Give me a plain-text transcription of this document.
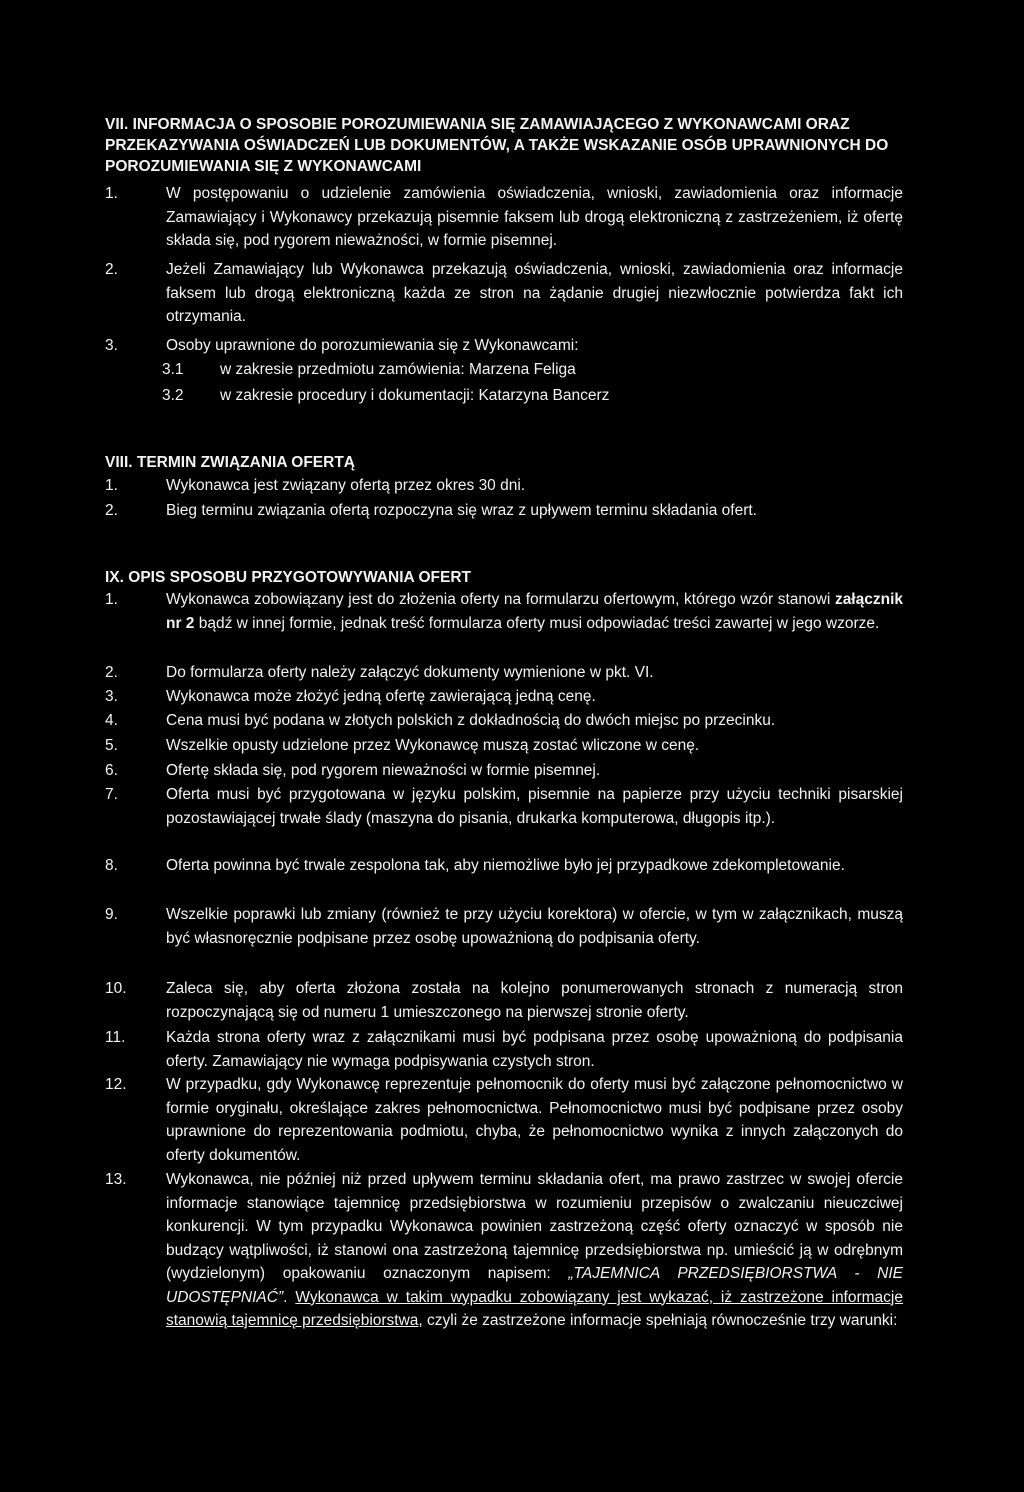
VII. INFORMACJA O SPOSOBIE POROZUMIEWANIA SIĘ ZAMAWIAJĄCEGO Z WYKONAWCAMI ORAZ PRZEKAZYWANIA OŚWIADCZEŃ LUB DOKUMENTÓW, A TAKŻE WSKAZANIE OSÓB UPRAWNIONYCH DO POROZUMIEWANIA SIĘ Z WYKONAWCAMI
1.	W postępowaniu o udzielenie zamówienia oświadczenia, wnioski, zawiadomienia oraz informacje Zamawiający i Wykonawcy przekazują pisemnie faksem lub drogą elektroniczną z zastrzeżeniem, iż ofertę składa się, pod rygorem nieważności, w formie pisemnej.
2.	Jeżeli Zamawiający lub Wykonawca przekazują oświadczenia, wnioski, zawiadomienia oraz informacje faksem lub drogą elektroniczną każda ze stron na żądanie drugiej niezwłocznie potwierdza fakt ich otrzymania.
3.	Osoby uprawnione do porozumiewania się z Wykonawcami:
3.1 w zakresie przedmiotu zamówienia: Marzena Feliga
3.2 w zakresie procedury i dokumentacji: Katarzyna Bancerz
VIII. TERMIN ZWIĄZANIA OFERTĄ
1.	Wykonawca jest związany ofertą przez okres 30 dni.
2.	Bieg terminu związania ofertą rozpoczyna się wraz z upływem terminu składania ofert.
IX. OPIS SPOSOBU PRZYGOTOWYWANIA OFERT
1.	Wykonawca zobowiązany jest do złożenia oferty na formularzu ofertowym, którego wzór stanowi załącznik nr 2 bądź w innej formie, jednak treść formularza oferty musi odpowiadać treści zawartej w jego wzorze.
2.	Do formularza oferty należy załączyć dokumenty wymienione w pkt. VI.
3.	Wykonawca może złożyć jedną ofertę zawierającą jedną cenę.
4.	Cena musi być podana w złotych polskich z dokładnością do dwóch miejsc po przecinku.
5.	Wszelkie opusty udzielone przez Wykonawcę muszą zostać wliczone w cenę.
6.	Ofertę składa się, pod rygorem nieważności w formie pisemnej.
7.	Oferta musi być przygotowana w języku polskim, pisemnie na papierze przy użyciu techniki pisarskiej pozostawiającej trwałe ślady (maszyna do pisania, drukarka komputerowa, długopis itp.).
8.	Oferta powinna być trwale zespolona tak, aby niemożliwe było jej przypadkowe zdekompletowanie.
9.	Wszelkie poprawki lub zmiany (również te przy użyciu korektora) w ofercie, w tym w załącznikach, muszą być własnoręcznie podpisane przez osobę upoważnioną do podpisania oferty.
10.	Zaleca się, aby oferta złożona została na kolejno ponumerowanych stronach z numeracją stron rozpoczynającą się od numeru 1 umieszczonego na pierwszej stronie oferty.
11.	Każda strona oferty wraz z załącznikami musi być podpisana przez osobę upoważnioną do podpisania oferty. Zamawiający nie wymaga podpisywania czystych stron.
12.	W przypadku, gdy Wykonawcę reprezentuje pełnomocnik do oferty musi być załączone pełnomocnictwo w formie oryginału, określające zakres pełnomocnictwa. Pełnomocnictwo musi być podpisane przez osoby uprawnione do reprezentowania podmiotu, chyba, że pełnomocnictwo wynika z innych załączonych do oferty dokumentów.
13.	Wykonawca, nie później niż przed upływem terminu składania ofert, ma prawo zastrzec w swojej ofercie informacje stanowiące tajemnicę przedsiębiorstwa w rozumieniu przepisów o zwalczaniu nieuczciwej konkurencji. W tym przypadku Wykonawca powinien zastrzeżoną część oferty oznaczyć w sposób nie budzący wątpliwości, iż stanowi ona zastrzeżoną tajemnicę przedsiębiorstwa np. umieścić ją w odrębnym (wydzielonym) opakowaniu oznaczonym napisem: „TAJEMNICA PRZEDSIĘBIORSTWA - NIE UDOSTĘPNIAĆ”. Wykonawca w takim wypadku zobowiązany jest wykazać, iż zastrzeżone informacje stanowią tajemnicę przedsiębiorstwa, czyli że zastrzeżone informacje spełniają równocześnie trzy warunki:
